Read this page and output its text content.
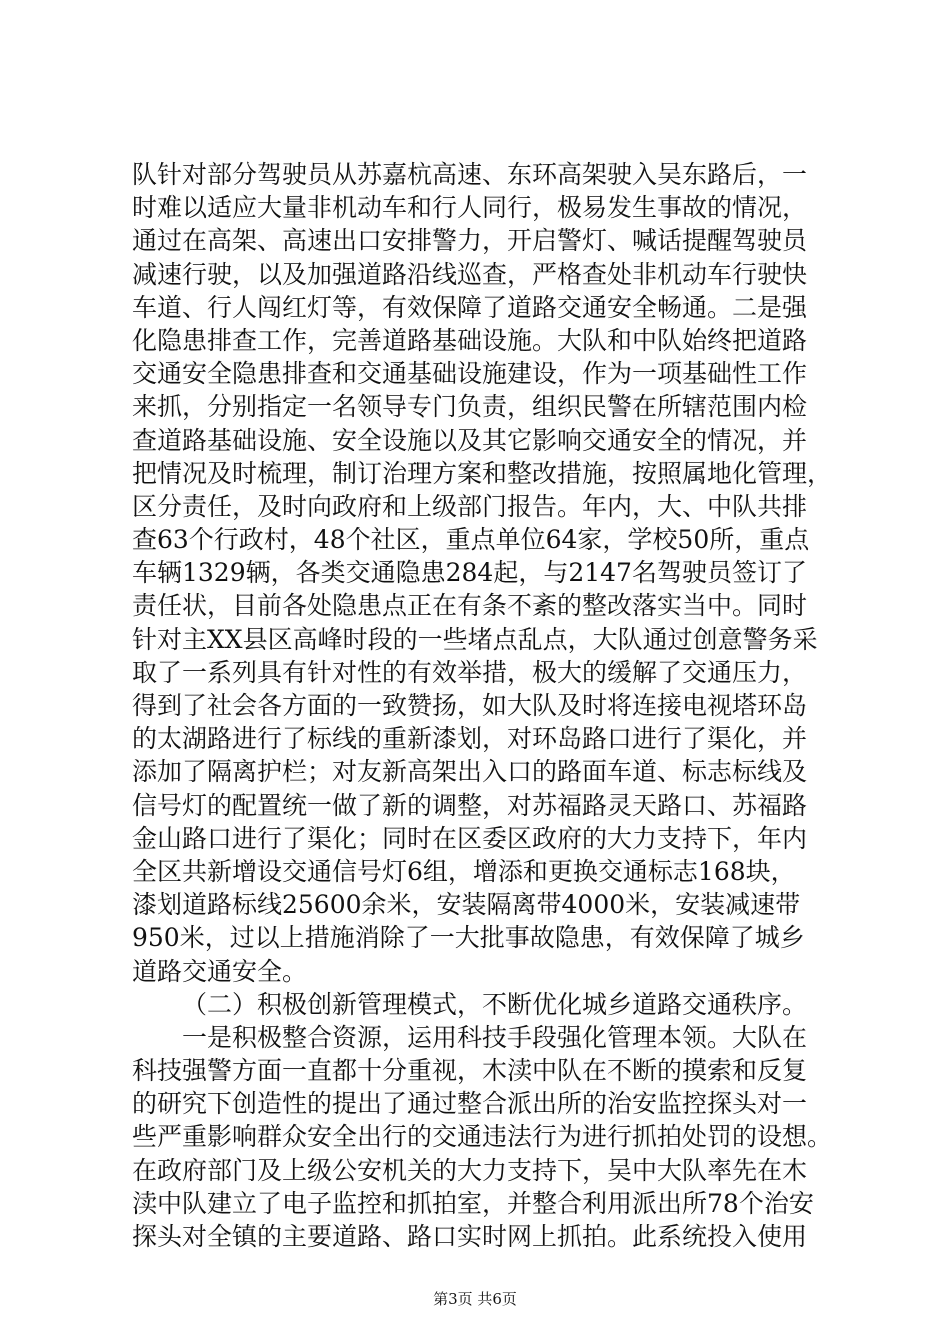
队针对部分驾驶员从苏嘉杭高速、东环高架驶入吴东路后，一
时难以适应大量非机动车和行人同行，极易发生事故的情况，
通过在高架、高速出口安排警力，开启警灯、喊话提醒驾驶员
减速行驶，以及加强道路沿线巡查，严格查处非机动车行驶快
车道、行人闯红灯等，有效保障了道路交通安全畅通。二是强
化隐患排查工作，完善道路基础设施。大队和中队始终把道路
交通安全隐患排查和交通基础设施建设，作为一项基础性工作
来抓，分别指定一名领导专门负责，组织民警在所辖范围内检
查道路基础设施、安全设施以及其它影响交通安全的情况，并
把情况及时梳理，制订治理方案和整改措施，按照属地化管理，
区分责任，及时向政府和上级部门报告。年内，大、中队共排
查63个行政村，48个社区，重点单位64家，学校50所，重点
车辆1329辆，各类交通隐患284起，与2147名驾驶员签订了
责任状，目前各处隐患点正在有条不紊的整改落实当中。同时
针对主XX县区高峰时段的一些堵点乱点，大队通过创意警务采
取了一系列具有针对性的有效举措，极大的缓解了交通压力，
得到了社会各方面的一致赞扬，如大队及时将连接电视塔环岛
的太湖路进行了标线的重新漆划，对环岛路口进行了渠化，并
添加了隔离护栏；对友新高架出入口的路面车道、标志标线及
信号灯的配置统一做了新的调整，对苏福路灵天路口、苏福路
金山路口进行了渠化；同时在区委区政府的大力支持下，年内
全区共新增设交通信号灯6组，增添和更换交通标志168块，
漆划道路标线25600余米，安装隔离带4000米，安装减速带
950米，过以上措施消除了一大批事故隐患，有效保障了城乡
道路交通安全。
（二）积极创新管理模式，不断优化城乡道路交通秩序。
一是积极整合资源，运用科技手段强化管理本领。大队在
科技强警方面一直都十分重视，木渎中队在不断的摸索和反复
的研究下创造性的提出了通过整合派出所的治安监控探头对一
些严重影响群众安全出行的交通违法行为进行抓拍处罚的设想。
在政府部门及上级公安机关的大力支持下，吴中大队率先在木
渎中队建立了电子监控和抓拍室，并整合利用派出所78个治安
探头对全镇的主要道路、路口实时网上抓拍。此系统投入使用
第3页 共6页
